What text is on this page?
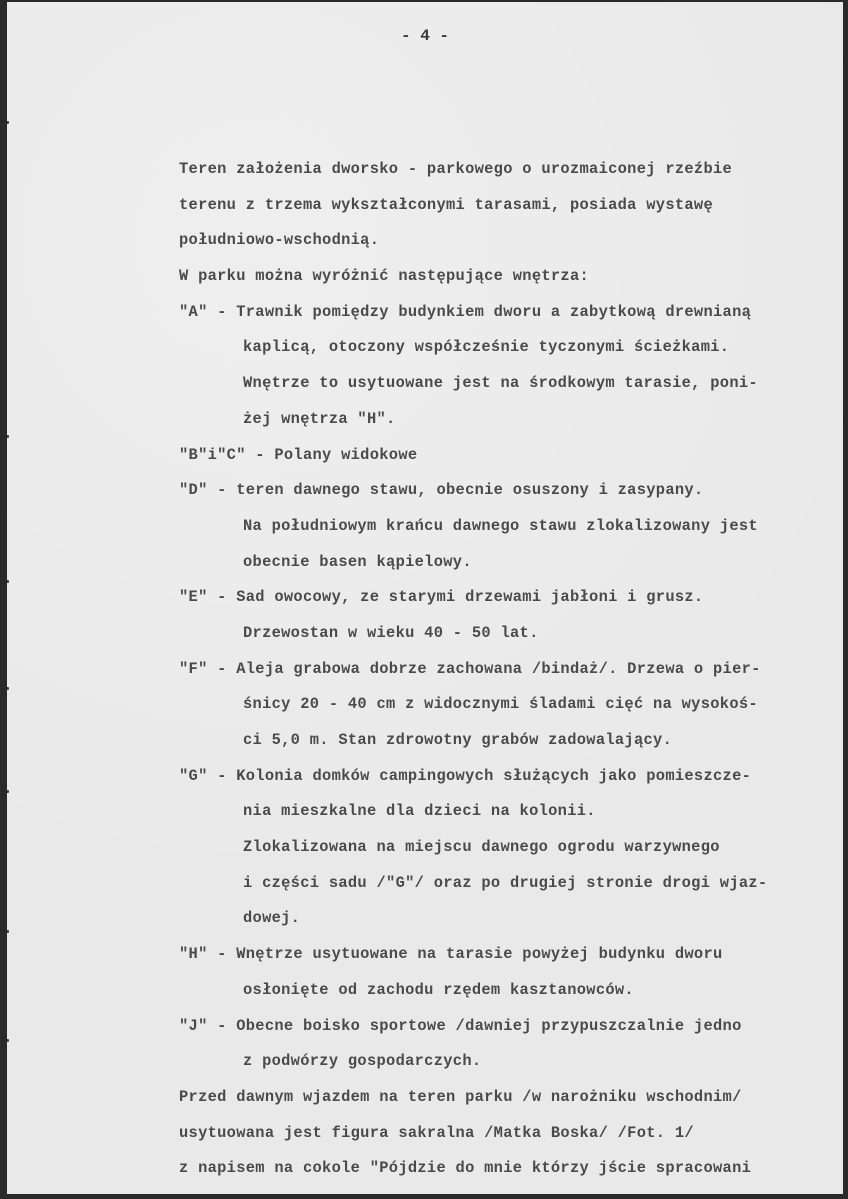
- 4 -
Teren założenia dworsko - parkowego o urozmaiconej rzeźbie
terenu z trzema wykształconymi tarasami, posiada wystawę
południowo-wschodnią.
W parku można wyróżnić następujące wnętrza:
"A" - Trawnik pomiędzy budynkiem dworu a zabytkową drewnianą
kaplicą, otoczony współcześnie tyczonymi ścieżkami.
Wnętrze to usytuowane jest na środkowym tarasie, poni-
żej wnętrza "H".
"B"i"C" - Polany widokowe
"D" - teren dawnego stawu, obecnie osuszony i zasypany.
Na południowym krańcu dawnego stawu zlokalizowany jest
obecnie basen kąpielowy.
"E" - Sad owocowy, ze starymi drzewami jabłoni i grusz.
Drzewostan w wieku 40 - 50 lat.
"F" - Aleja grabowa dobrze zachowana /bindaż/. Drzewa o pier-
śnicy 20 - 40 cm z widocznymi śladami cięć na wysokoś-
ci 5,0 m. Stan zdrowotny grabów zadowalający.
"G" - Kolonia domków campingowych służących jako pomieszcze-
nia mieszkalne dla dzieci na kolonii.
Zlokalizowana na miejscu dawnego ogrodu warzywnego
i części sadu /"G"/ oraz po drugiej stronie drogi wjaz-
dowej.
"H" - Wnętrze usytuowane na tarasie powyżej budynku dworu
osłonięte od zachodu rzędem kasztanowców.
"J" - Obecne boisko sportowe /dawniej przypuszczalnie jedno
z podwórzy gospodarczych.
Przed dawnym wjazdem na teren parku /w narożniku wschodnim/
usytuowana jest figura sakralna /Matka Boska/ /Fot. 1/
z napisem na cokole "Pójdzie do mnie którzy jście spracowani
